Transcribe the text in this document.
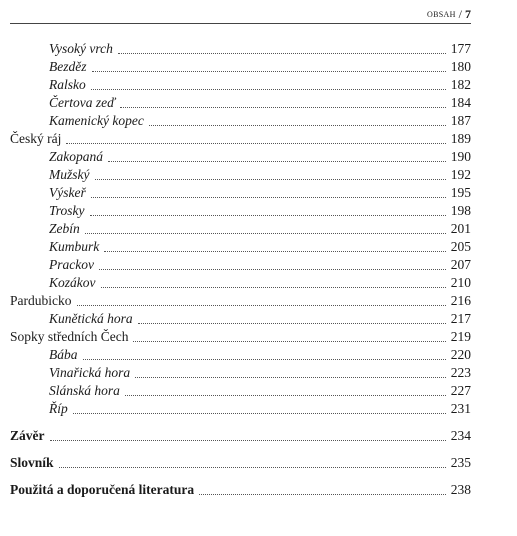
OBSAH / 7
Vysoký vrch	177
Bezděz	180
Ralsko	182
Čertova zeď	184
Kamenický kopec	187
Český ráj	189
Zakopaná	190
Mužský	192
Výskeř	195
Trosky	198
Zebín	201
Kumburk	205
Prackov	207
Kozákov	210
Pardubicko	216
Kunětická hora	217
Sopky středních Čech	219
Bába	220
Vinařická hora	223
Slánská hora	227
Říp	231
Závěr	234
Slovník	235
Použitá a doporučená literatura	238
